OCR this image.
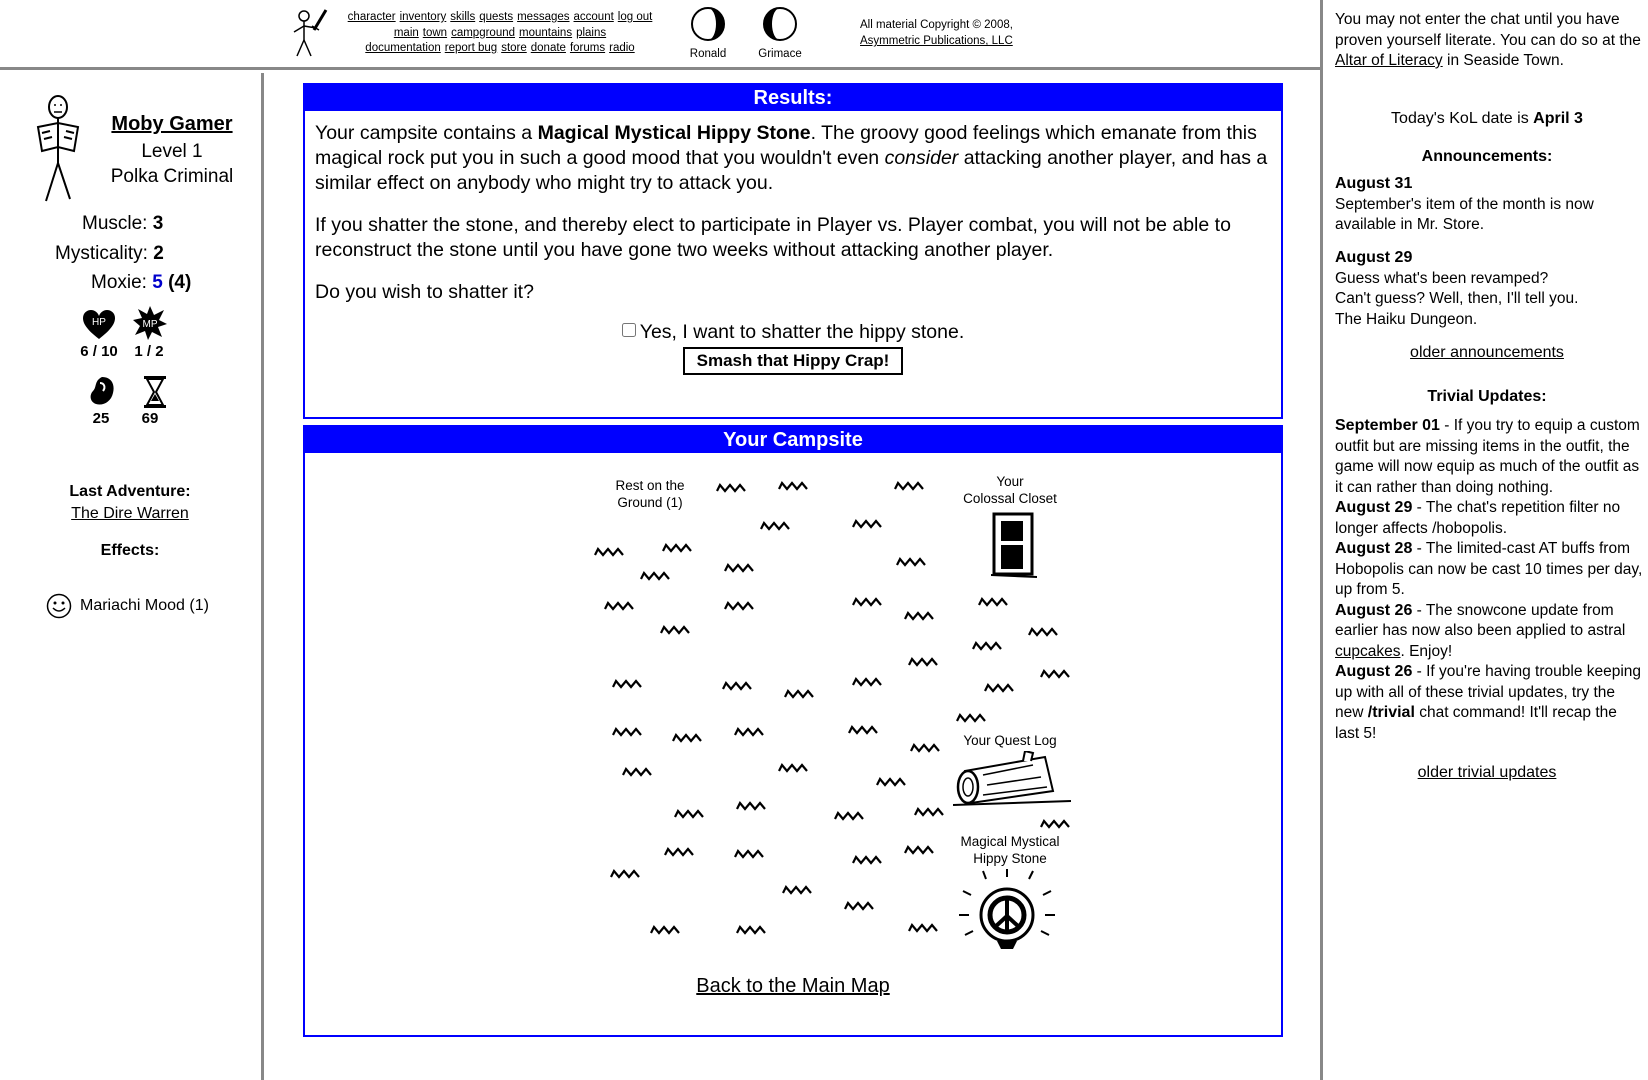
character inventory skills quests messages account log out
main town campground mountains plains
documentation report bug store donate forums radio	Ronald	Grimace
All material Copyright © 2008,
Asymmetric Publications, LLC
Moby Gamer
Level 1
Polka Criminal
Muscle: 3
Mysticality: 2
Moxie: 5 (4)
HP	MP
6 / 10	1 / 2
25	69
Last Adventure:
The Dire Warren
Effects:
Mariachi Mood (1)
Results:

Your campsite contains a Magical Mystical Hippy Stone. The groovy good feelings which emanate from this magical rock put you in such a good mood that you wouldn't even consider attacking another player, and has a similar effect on anybody who might try to attack you.

If you shatter the stone, and thereby elect to participate in Player vs. Player combat, you will not be able to reconstruct the stone until you have gone two weeks without attacking another player.

Do you wish to shatter it?

Yes, I want to shatter the hippy stone.
Smash that Hippy Crap!
Your Campsite
Rest on the
Ground (1)
Your
Colossal Closet
Your Quest Log
Magical Mystical
Hippy Stone
Back to the Main Map
You may not enter the chat until you have proven yourself literate. You can do so at the Altar of Literacy in Seaside Town.
Today's KoL date is April 3
Announcements:
August 31
September's item of the month is now available in Mr. Store.
August 29
Guess what's been revamped?
Can't guess? Well, then, I'll tell you.
The Haiku Dungeon.
older announcements
Trivial Updates:
September 01 - If you try to equip a custom outfit but are missing items in the outfit, the game will now equip as much of the outfit as it can rather than doing nothing.
August 29 - The chat's repetition filter no longer affects /hobopolis.
August 28 - The limited-cast AT buffs from Hobopolis can now be cast 10 times per day, up from 5.
August 26 - The snowcone update from earlier has now also been applied to astral cupcakes. Enjoy!
August 26 - If you're having trouble keeping up with all of these trivial updates, try the new /trivial chat command! It'll recap the last 5!
older trivial updates
